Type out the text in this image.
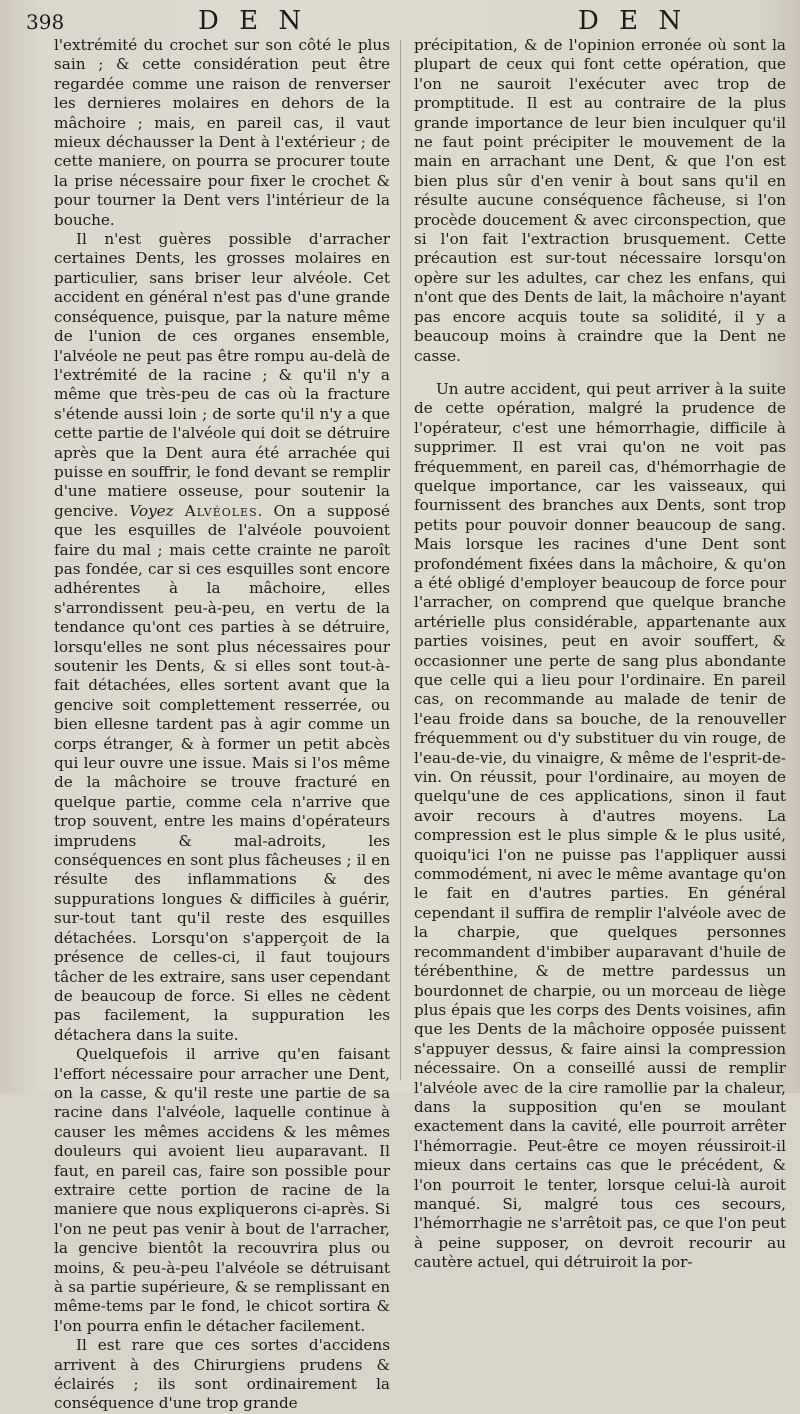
398	D E N	D E N

l'extrémité du crochet sur son côté le plus sain ; & cette considération peut être regardée comme une raison de renverser les dernieres molaires en dehors de la mâchoire ; mais, en pareil cas, il vaut mieux déchausser la Dent à l'extérieur ; de cette maniere, on pourra se procurer toute la prise nécessaire pour fixer le crochet & pour tourner la Dent vers l'intérieur de la bouche.

Il n'est guères possible d'arracher certaines Dents, les grosses molaires en particulier, sans briser leur alvéole. Cet accident en général n'est pas d'une grande conséquence, puisque, par la nature même de l'union de ces organes ensemble, l'alvéole ne peut pas être rompu au-delà de l'extrémité de la racine ; & qu'il n'y a même que très-peu de cas où la fracture s'étende aussi loin ; de sorte qu'il n'y a que cette partie de l'alvéole qui doit se détruire après que la Dent aura été arrachée qui puisse en souffrir, le fond devant se remplir d'une matiere osseuse, pour soutenir la gencive. Voyez Alvéoles. On a supposé que les esquilles de l'alvéole pouvoient faire du mal ; mais cette crainte ne paroît pas fondée, car si ces esquilles sont encore adhérentes à la mâchoire, elles s'arrondissent peu-à-peu, en vertu de la tendance qu'ont ces parties à se détruire, lorsqu'elles ne sont plus nécessaires pour soutenir les Dents, & si elles sont tout-à-fait détachées, elles sortent avant que la gencive soit complettement resserrée, ou bien ellesne tardent pas à agir comme un corps étranger, & à former un petit abcès qui leur ouvre une issue. Mais si l'os même de la mâchoire se trouve fracturé en quelque partie, comme cela n'arrive que trop souvent, entre les mains d'opérateurs imprudens & mal-adroits, les conséquences en sont plus fâcheuses ; il en résulte des inflammations & des suppurations longues & difficiles à guérir, sur-tout tant qu'il reste des esquilles détachées. Lorsqu'on s'apperçoit de la présence de celles-ci, il faut toujours tâcher de les extraire, sans user cependant de beaucoup de force. Si elles ne cèdent pas facilement, la suppuration les détachera dans la suite.

Quelquefois il arrive qu'en faisant l'effort nécessaire pour arracher une Dent, on la casse, & qu'il reste une partie de sa racine dans l'alvéole, laquelle continue à causer les mêmes accidens & les mêmes douleurs qui avoient lieu auparavant. Il faut, en pareil cas, faire son possible pour extraire cette portion de racine de la maniere que nous expliquerons ci-après. Si l'on ne peut pas venir à bout de l'arracher, la gencive bientôt la recouvrira plus ou moins, & peu-à-peu l'alvéole se détruisant à sa partie supérieure, & se remplissant en même-tems par le fond, le chicot sortira & l'on pourra enfin le détacher facilement.

Il est rare que ces sortes d'accidens arrivent à des Chirurgiens prudens & éclairés ; ils sont ordinairement la conséquence d'une trop grande

précipitation, & de l'opinion erronée où sont la plupart de ceux qui font cette opération, que l'on ne sauroit l'exécuter avec trop de promptitude. Il est au contraire de la plus grande importance de leur bien inculquer qu'il ne faut point précipiter le mouvement de la main en arrachant une Dent, & que l'on est bien plus sûr d'en venir à bout sans qu'il en résulte aucune conséquence fâcheuse, si l'on procède doucement & avec circonspection, que si l'on fait l'extraction brusquement. Cette précaution est sur-tout nécessaire lorsqu'on opère sur les adultes, car chez les enfans, qui n'ont que des Dents de lait, la mâchoire n'ayant pas encore acquis toute sa solidité, il y a beaucoup moins à craindre que la Dent ne casse.

Un autre accident, qui peut arriver à la suite de cette opération, malgré la prudence de l'opérateur, c'est une hémorrhagie, difficile à supprimer. Il est vrai qu'on ne voit pas fréquemment, en pareil cas, d'hémorrhagie de quelque importance, car les vaisseaux, qui fournissent des branches aux Dents, sont trop petits pour pouvoir donner beaucoup de sang. Mais lorsque les racines d'une Dent sont profondément fixées dans la mâchoire, & qu'on a été obligé d'employer beaucoup de force pour l'arracher, on comprend que quelque branche artérielle plus considérable, appartenante aux parties voisines, peut en avoir souffert, & occasionner une perte de sang plus abondante que celle qui a lieu pour l'ordinaire. En pareil cas, on recommande au malade de tenir de l'eau froide dans sa bouche, de la renouveller fréquemment ou d'y substituer du vin rouge, de l'eau-de-vie, du vinaigre, & même de l'esprit-de-vin. On réussit, pour l'ordinaire, au moyen de quelqu'une de ces applications, sinon il faut avoir recours à d'autres moyens. La compression est le plus simple & le plus usité, quoiqu'ici l'on ne puisse pas l'appliquer aussi commodément, ni avec le même avantage qu'on le fait en d'autres parties. En général cependant il suffira de remplir l'alvéole avec de la charpie, que quelques personnes recommandent d'imbiber auparavant d'huile de térébenthine, & de mettre pardessus un bourdonnet de charpie, ou un morceau de liège plus épais que les corps des Dents voisines, afin que les Dents de la mâchoire opposée puissent s'appuyer dessus, & faire ainsi la compression nécessaire. On a conseillé aussi de remplir l'alvéole avec de la cire ramollie par la chaleur, dans la supposition qu'en se moulant exactement dans la cavité, elle pourroit arrêter l'hémorragie. Peut-être ce moyen réussiroit-il mieux dans certains cas que le précédent, & l'on pourroit le tenter, lorsque celui-là auroit manqué. Si, malgré tous ces secours, l'hémorrhagie ne s'arrêtoit pas, ce que l'on peut à peine supposer, on devroit recourir au cautère actuel, qui détruiroit la por-
